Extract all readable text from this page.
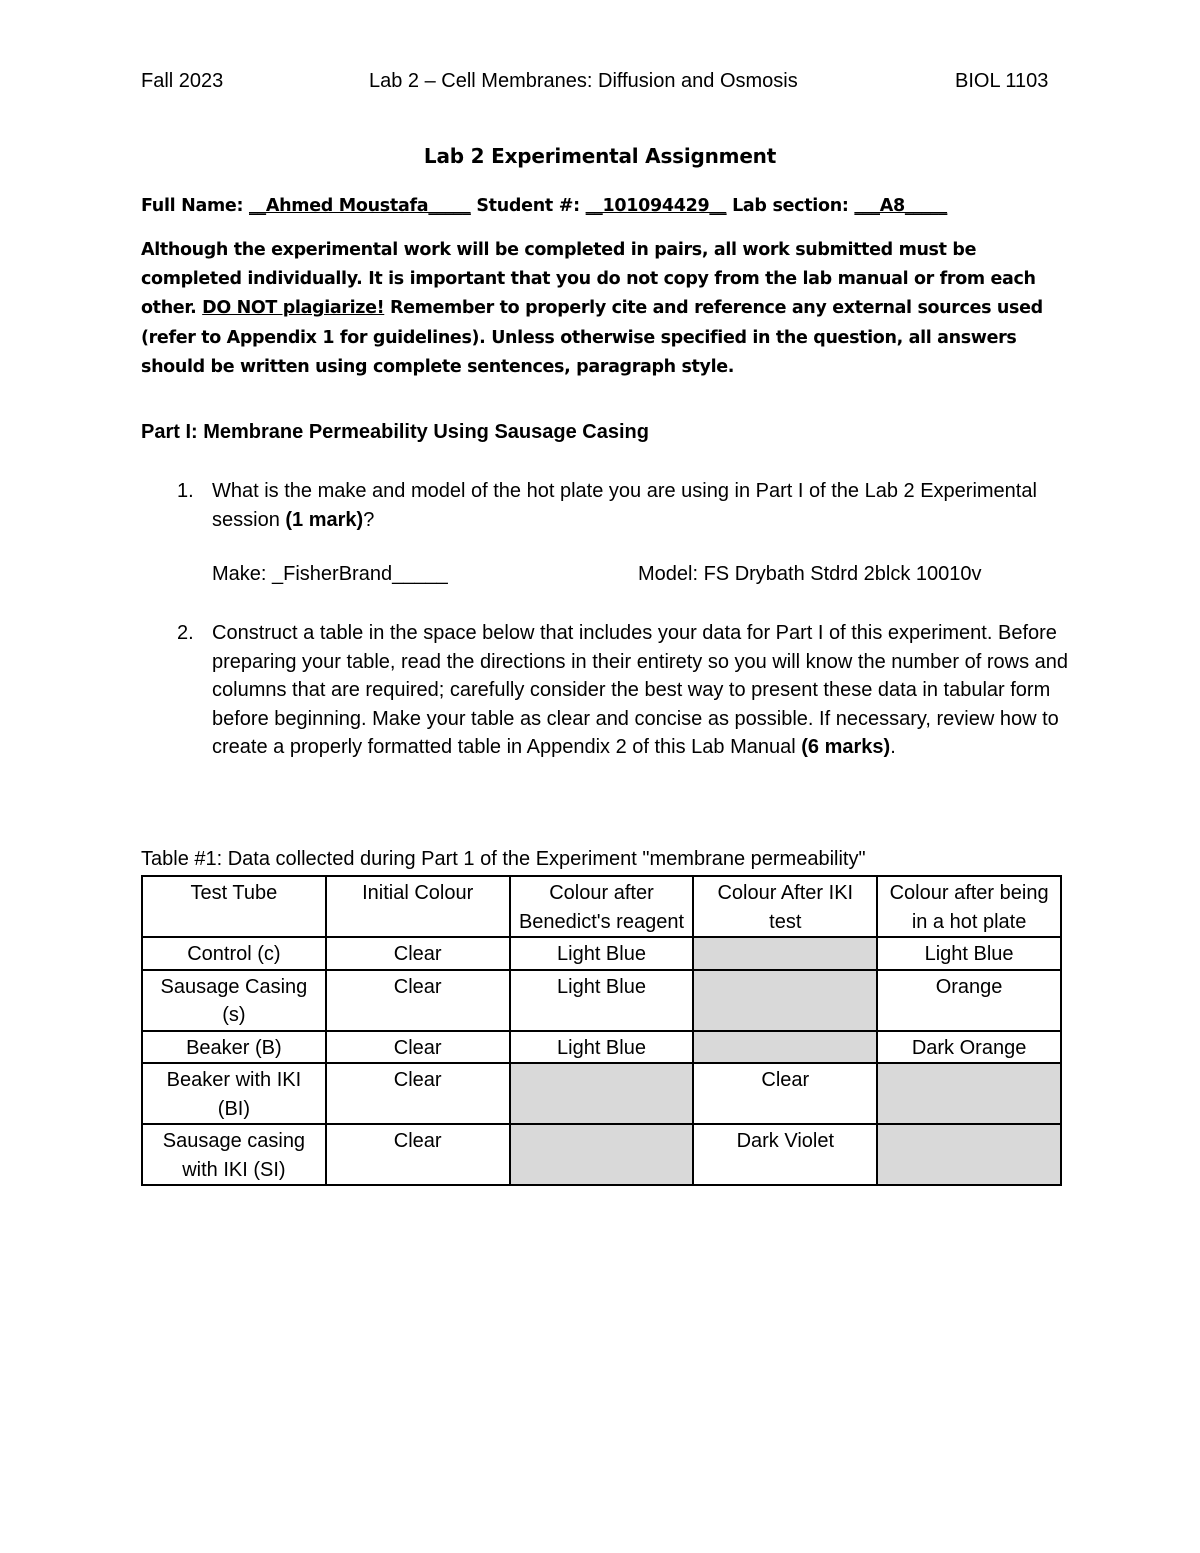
Fall 2023	Lab 2 – Cell Membranes: Diffusion and Osmosis	BIOL 1103
Lab 2 Experimental Assignment
Full Name: __Ahmed Moustafa_____ Student #: __101094429__ Lab section: ___A8_____
Although the experimental work will be completed in pairs, all work submitted must be completed individually. It is important that you do not copy from the lab manual or from each other. DO NOT plagiarize! Remember to properly cite and reference any external sources used (refer to Appendix 1 for guidelines). Unless otherwise specified in the question, all answers should be written using complete sentences, paragraph style.
Part I: Membrane Permeability Using Sausage Casing
1. What is the make and model of the hot plate you are using in Part I of the Lab 2 Experimental session (1 mark)?
Make: _FisherBrand_____	Model: FS Drybath Stdrd 2blck 10010v
2. Construct a table in the space below that includes your data for Part I of this experiment. Before preparing your table, read the directions in their entirety so you will know the number of rows and columns that are required; carefully consider the best way to present these data in tabular form before beginning. Make your table as clear and concise as possible. If necessary, review how to create a properly formatted table in Appendix 2 of this Lab Manual (6 marks).
Table #1: Data collected during Part 1 of the Experiment "membrane permeability"
Test Tube	Initial Colour	Colour after Benedict's reagent	Colour After IKI test	Colour after being in a hot plate
Control (c)	Clear	Light Blue		Light Blue
Sausage Casing (s)	Clear	Light Blue		Orange
Beaker (B)	Clear	Light Blue		Dark Orange
Beaker with IKI (BI)	Clear		Clear	
Sausage casing with IKI (SI)	Clear		Dark Violet	
